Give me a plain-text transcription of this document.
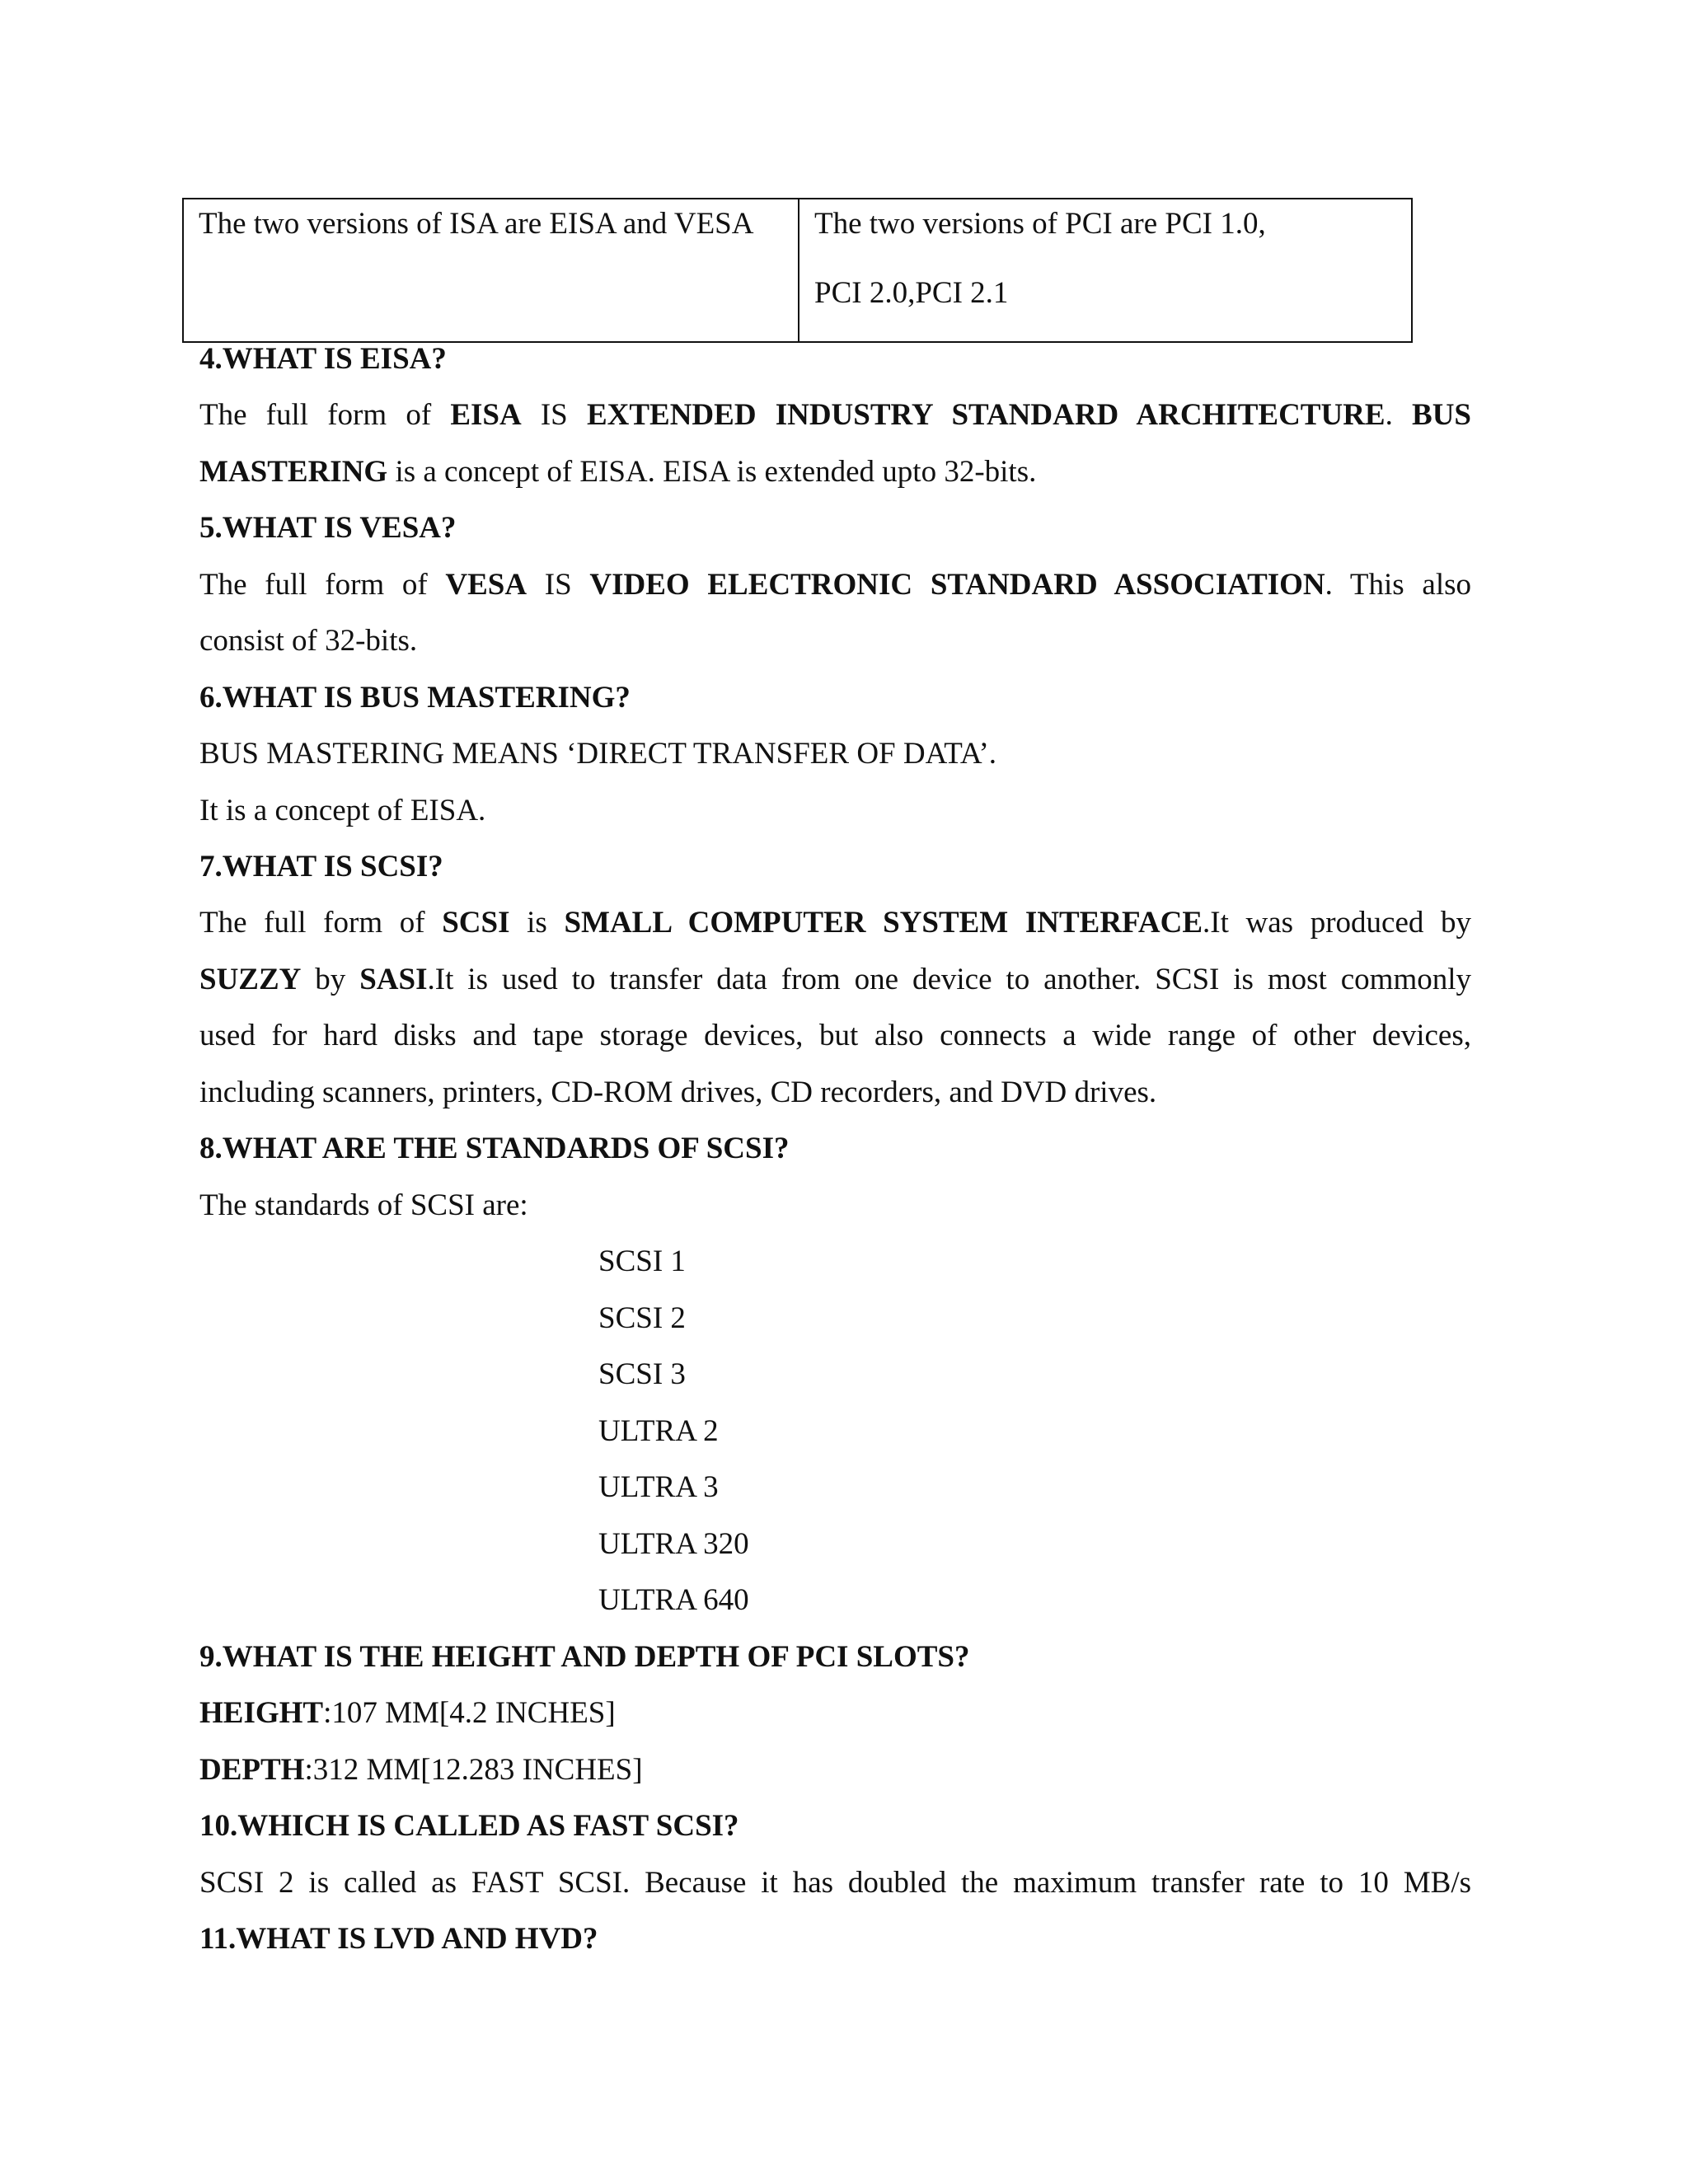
The two versions of ISA are EISA and VESA	The two versions of PCI are PCI 1.0,
PCI 2.0,PCI 2.1
4.WHAT IS EISA?
The full form of EISA IS EXTENDED INDUSTRY STANDARD ARCHITECTURE. BUS
MASTERING is a concept of EISA. EISA is extended upto 32-bits.
5.WHAT IS VESA?
The full form of VESA IS VIDEO ELECTRONIC STANDARD ASSOCIATION. This also
consist of 32-bits.
6.WHAT IS BUS MASTERING?
BUS MASTERING MEANS ‘DIRECT TRANSFER OF DATA’.
It is a concept of EISA.
7.WHAT IS SCSI?
The full form of SCSI is SMALL COMPUTER SYSTEM INTERFACE.It was produced by
SUZZY by SASI.It is used to transfer data from one device to another. SCSI is most commonly
used for hard disks and tape storage devices, but also connects a wide range of other devices,
including scanners, printers, CD-ROM drives, CD recorders, and DVD drives.
8.WHAT ARE THE STANDARDS OF SCSI?
The standards of SCSI are:
SCSI 1
SCSI 2
SCSI 3
ULTRA 2
ULTRA 3
ULTRA 320
ULTRA 640
9.WHAT IS THE HEIGHT AND DEPTH OF PCI SLOTS?
HEIGHT:107 MM[4.2 INCHES]
DEPTH:312 MM[12.283 INCHES]
10.WHICH IS CALLED AS FAST SCSI?
SCSI 2 is called as FAST SCSI. Because it has doubled the maximum transfer rate to 10 MB/s
11.WHAT IS LVD AND HVD?
